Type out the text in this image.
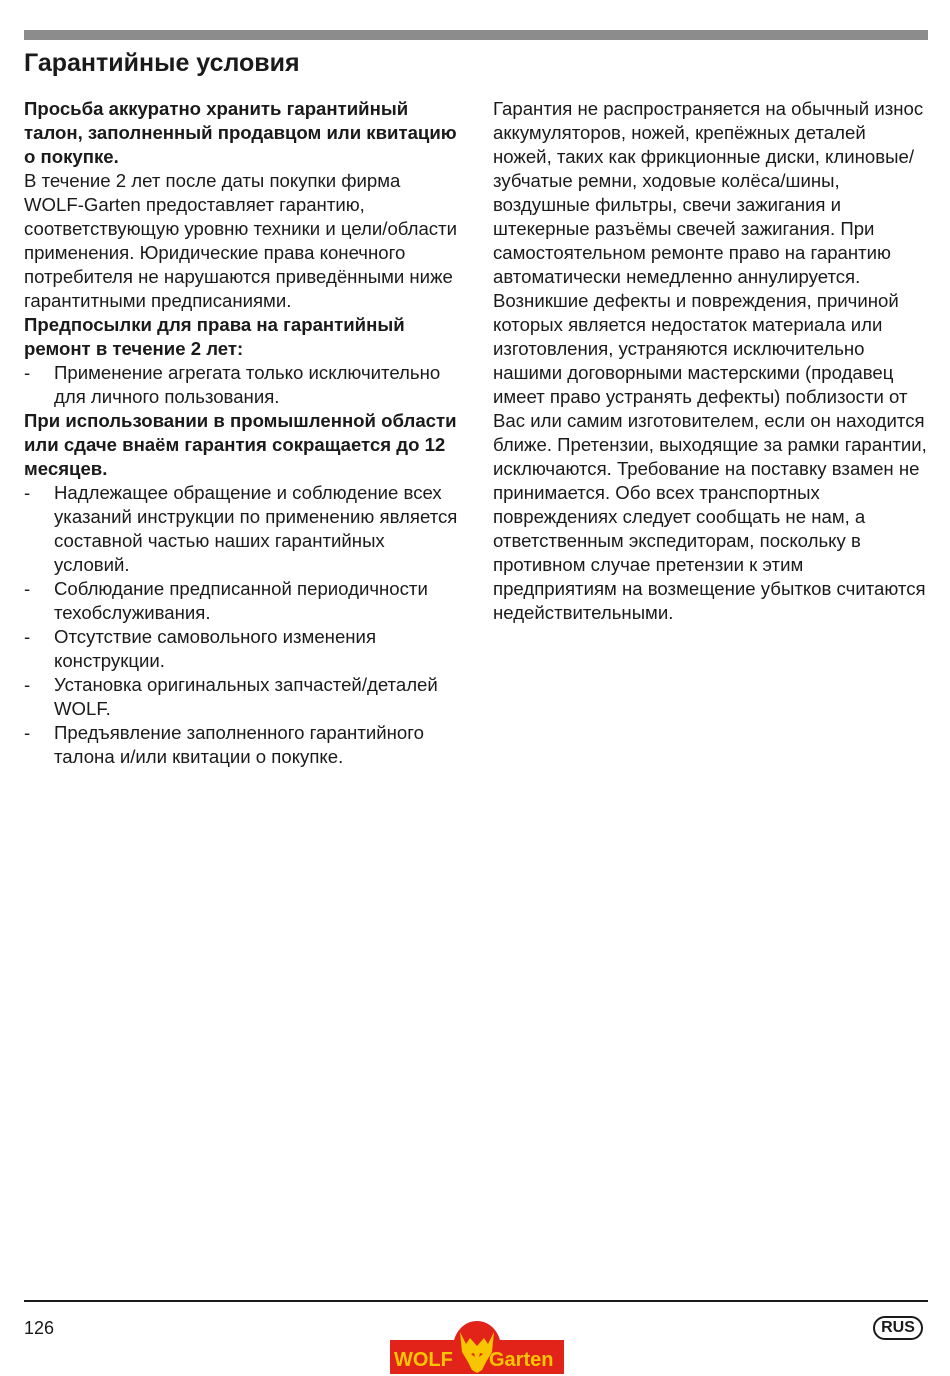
Гарантийные условия

Просьба аккуратно хранить гарантийный талон, заполненный продавцом или квитацию о покупке.

В течение 2 лет после даты покупки фирма WOLF-Garten предоставляет гарантию, соответствующую уровню техники и цели/области применения. Юридические права конечного потребителя не нарушаются приведёнными ниже гарантитными предписаниями.

Предпосылки для права на гарантийный ремонт в течение 2 лет:

- Применение агрегата только исключительно для личного пользования.

При использовании в промышленной области или сдаче внаём гарантия сокращается до 12 месяцев.

- Надлежащее обращение и соблюдение всех указаний инструкции по применению является составной частью наших гарантийных условий.

- Соблюдание предписанной периодичности техобслуживания.

- Отсутствие самовольного изменения конструкции.

- Установка оригинальных запчастей/деталей WOLF.

- Предъявление заполненного гарантийного талона и/или квитации о покупке.

Гарантия не распространяется на обычный износ аккумуляторов, ножей, крепёжных деталей ножей, таких как фрикционные диски, клиновые/зубчатые ремни, ходовые колёса/шины, воздушные фильтры, свечи зажигания и штекерные разъёмы свечей зажигания. При самостоятельном ремонте право на гарантию автоматически немедленно аннулируется. Возникшие дефекты и повреждения, причиной которых является недостаток материала или изготовления, устраняются исключительно нашими договорными мастерскими (продавец имеет право устранять дефекты) поблизости от Вас или самим изготовителем, если он находится ближе. Претензии, выходящие за рамки гарантии, исключаются. Требование на поставку взамен не принимается. Обо всех транспортных повреждениях следует сообщать не нам, а ответственным экспедиторам, поскольку в противном случае претензии к этим предприятиям на возмещение убытков считаются недействительными.

126	RUS
WOLF Garten
